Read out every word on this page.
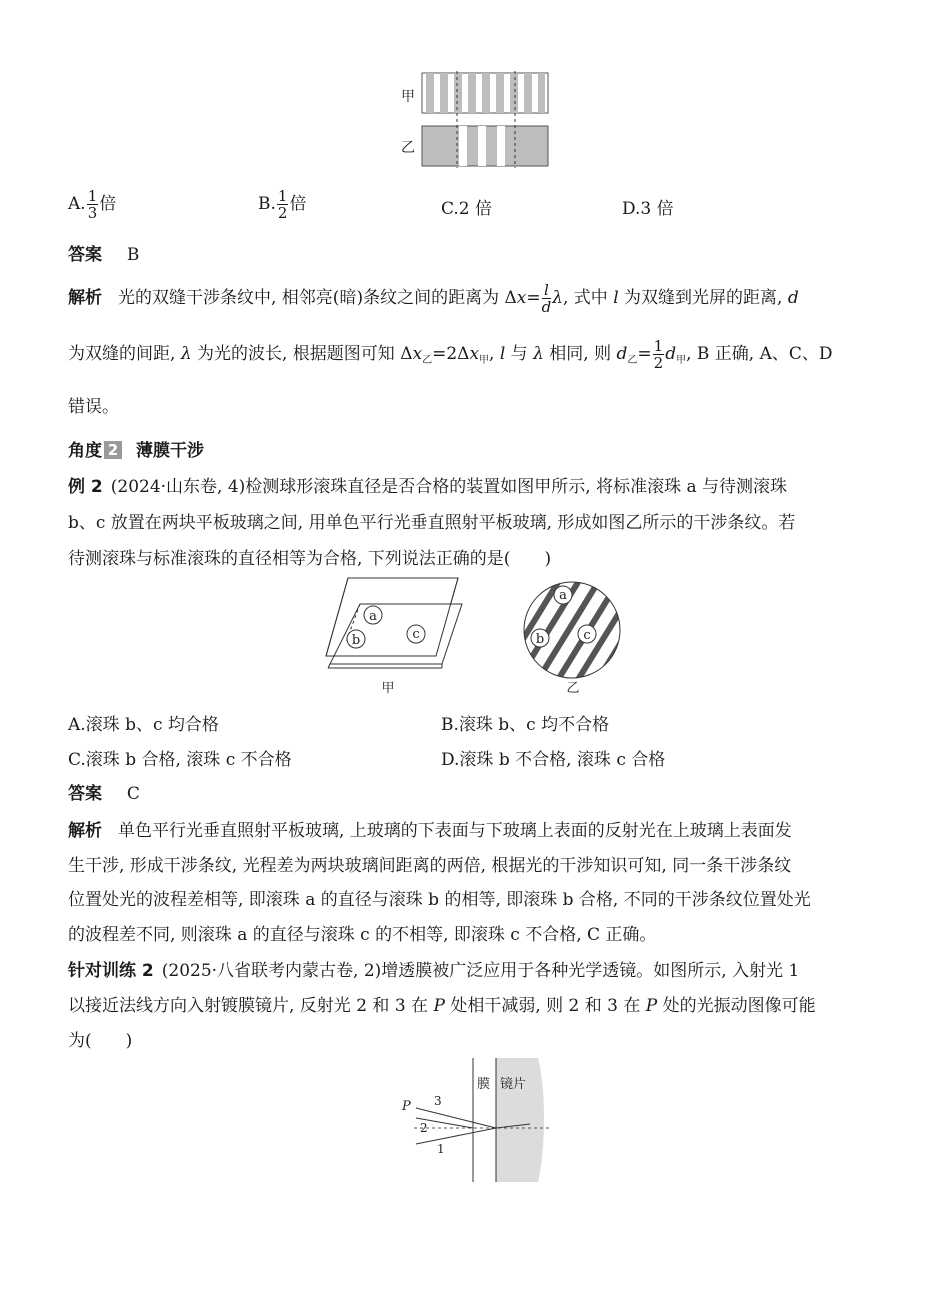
甲
乙
A. $\frac{1}{3}$ 倍	B. $\frac{1}{2}$ 倍	C.2 倍	D.3 倍
答案 B
解析 光的双缝干涉条纹中, 相邻亮(暗)条纹之间的距离为 $\Delta x= \frac{l}{d} \lambda$, 式中 l 为双缝到光屏的距离, d
为双缝的间距, λ 为光的波长, 根据题图可知 $\Delta x_乙=2\Delta x_甲$, l 与 λ 相同, 则 $d_乙= \frac{1}{2} d_甲$, B 正确, A、C、D
错误。
角度 2 薄膜干涉
例 2 (2024·山东卷, 4)检测球形滚珠直径是否合格的装置如图甲所示, 将标准滚珠 a 与待测滚珠
b、c 放置在两块平板玻璃之间, 用单色平行光垂直照射平板玻璃, 形成如图乙所示的干涉条纹。若
待测滚珠与标准滚珠的直径相等为合格, 下列说法正确的是(　　)
a
b	c
甲
a
b	c
乙
A.滚珠 b、c 均合格	B.滚珠 b、c 均不合格
C.滚珠 b 合格, 滚珠 c 不合格	D.滚珠 b 不合格, 滚珠 c 合格
答案 C
解析 单色平行光垂直照射平板玻璃, 上玻璃的下表面与下玻璃上表面的反射光在上玻璃上表面发
生干涉, 形成干涉条纹, 光程差为两块玻璃间距离的两倍, 根据光的干涉知识可知, 同一条干涉条纹
位置处光的波程差相等, 即滚珠 a 的直径与滚珠 b 的相等, 即滚珠 b 合格, 不同的干涉条纹位置处光
的波程差不同, 则滚珠 a 的直径与滚珠 c 的不相等, 即滚珠 c 不合格, C 正确。
针对训练 2 (2025·八省联考内蒙古卷, 2)增透膜被广泛应用于各种光学透镜。如图所示, 入射光 1
以接近法线方向入射镀膜镜片, 反射光 2 和 3 在 P 处相干减弱, 则 2 和 3 在 P 处的光振动图像可能
为(　　)
膜 镜片
P 3
2
1
